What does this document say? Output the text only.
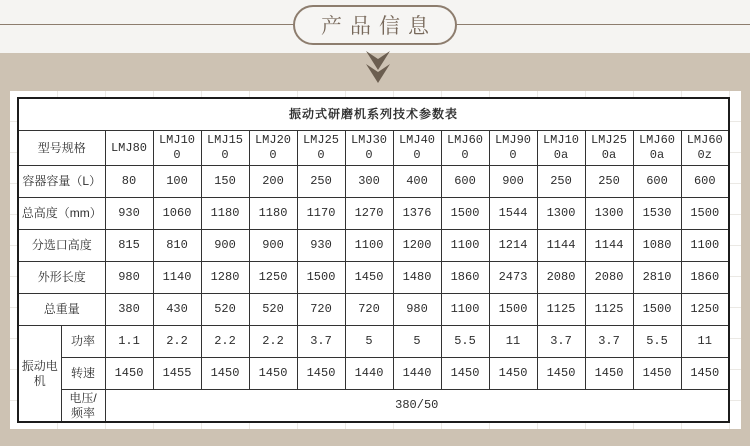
产品信息
振动式研磨机系列技术参数表														
型号规格		LMJ80	LMJ100	LMJ150	LMJ200	LMJ250	LMJ300	LMJ400	LMJ600	LMJ900	LMJ100a	LMJ250a	LMJ600a	LMJ600z
容器容量（L）		80	100	150	200	250	300	400	600	900	250	250	600	600
总高度（mm）		930	1060	1180	1180	1170	1270	1376	1500	1544	1300	1300	1530	1500
分选口高度		815	810	900	900	930	1100	1200	1100	1214	1144	1144	1080	1100
外形长度		980	1140	1280	1250	1500	1450	1480	1860	2473	2080	2080	2810	1860
总重量		380	430	520	520	720	720	980	1100	1500	1125	1125	1500	1250
振动电机	功率	1.1	2.2	2.2	2.2	3.7	5	5	5.5	11	3.7	3.7	5.5	11
	转速	1450	1455	1450	1450	1450	1440	1440	1450	1450	1450	1450	1450	1450
	电压/频率	380/50												
